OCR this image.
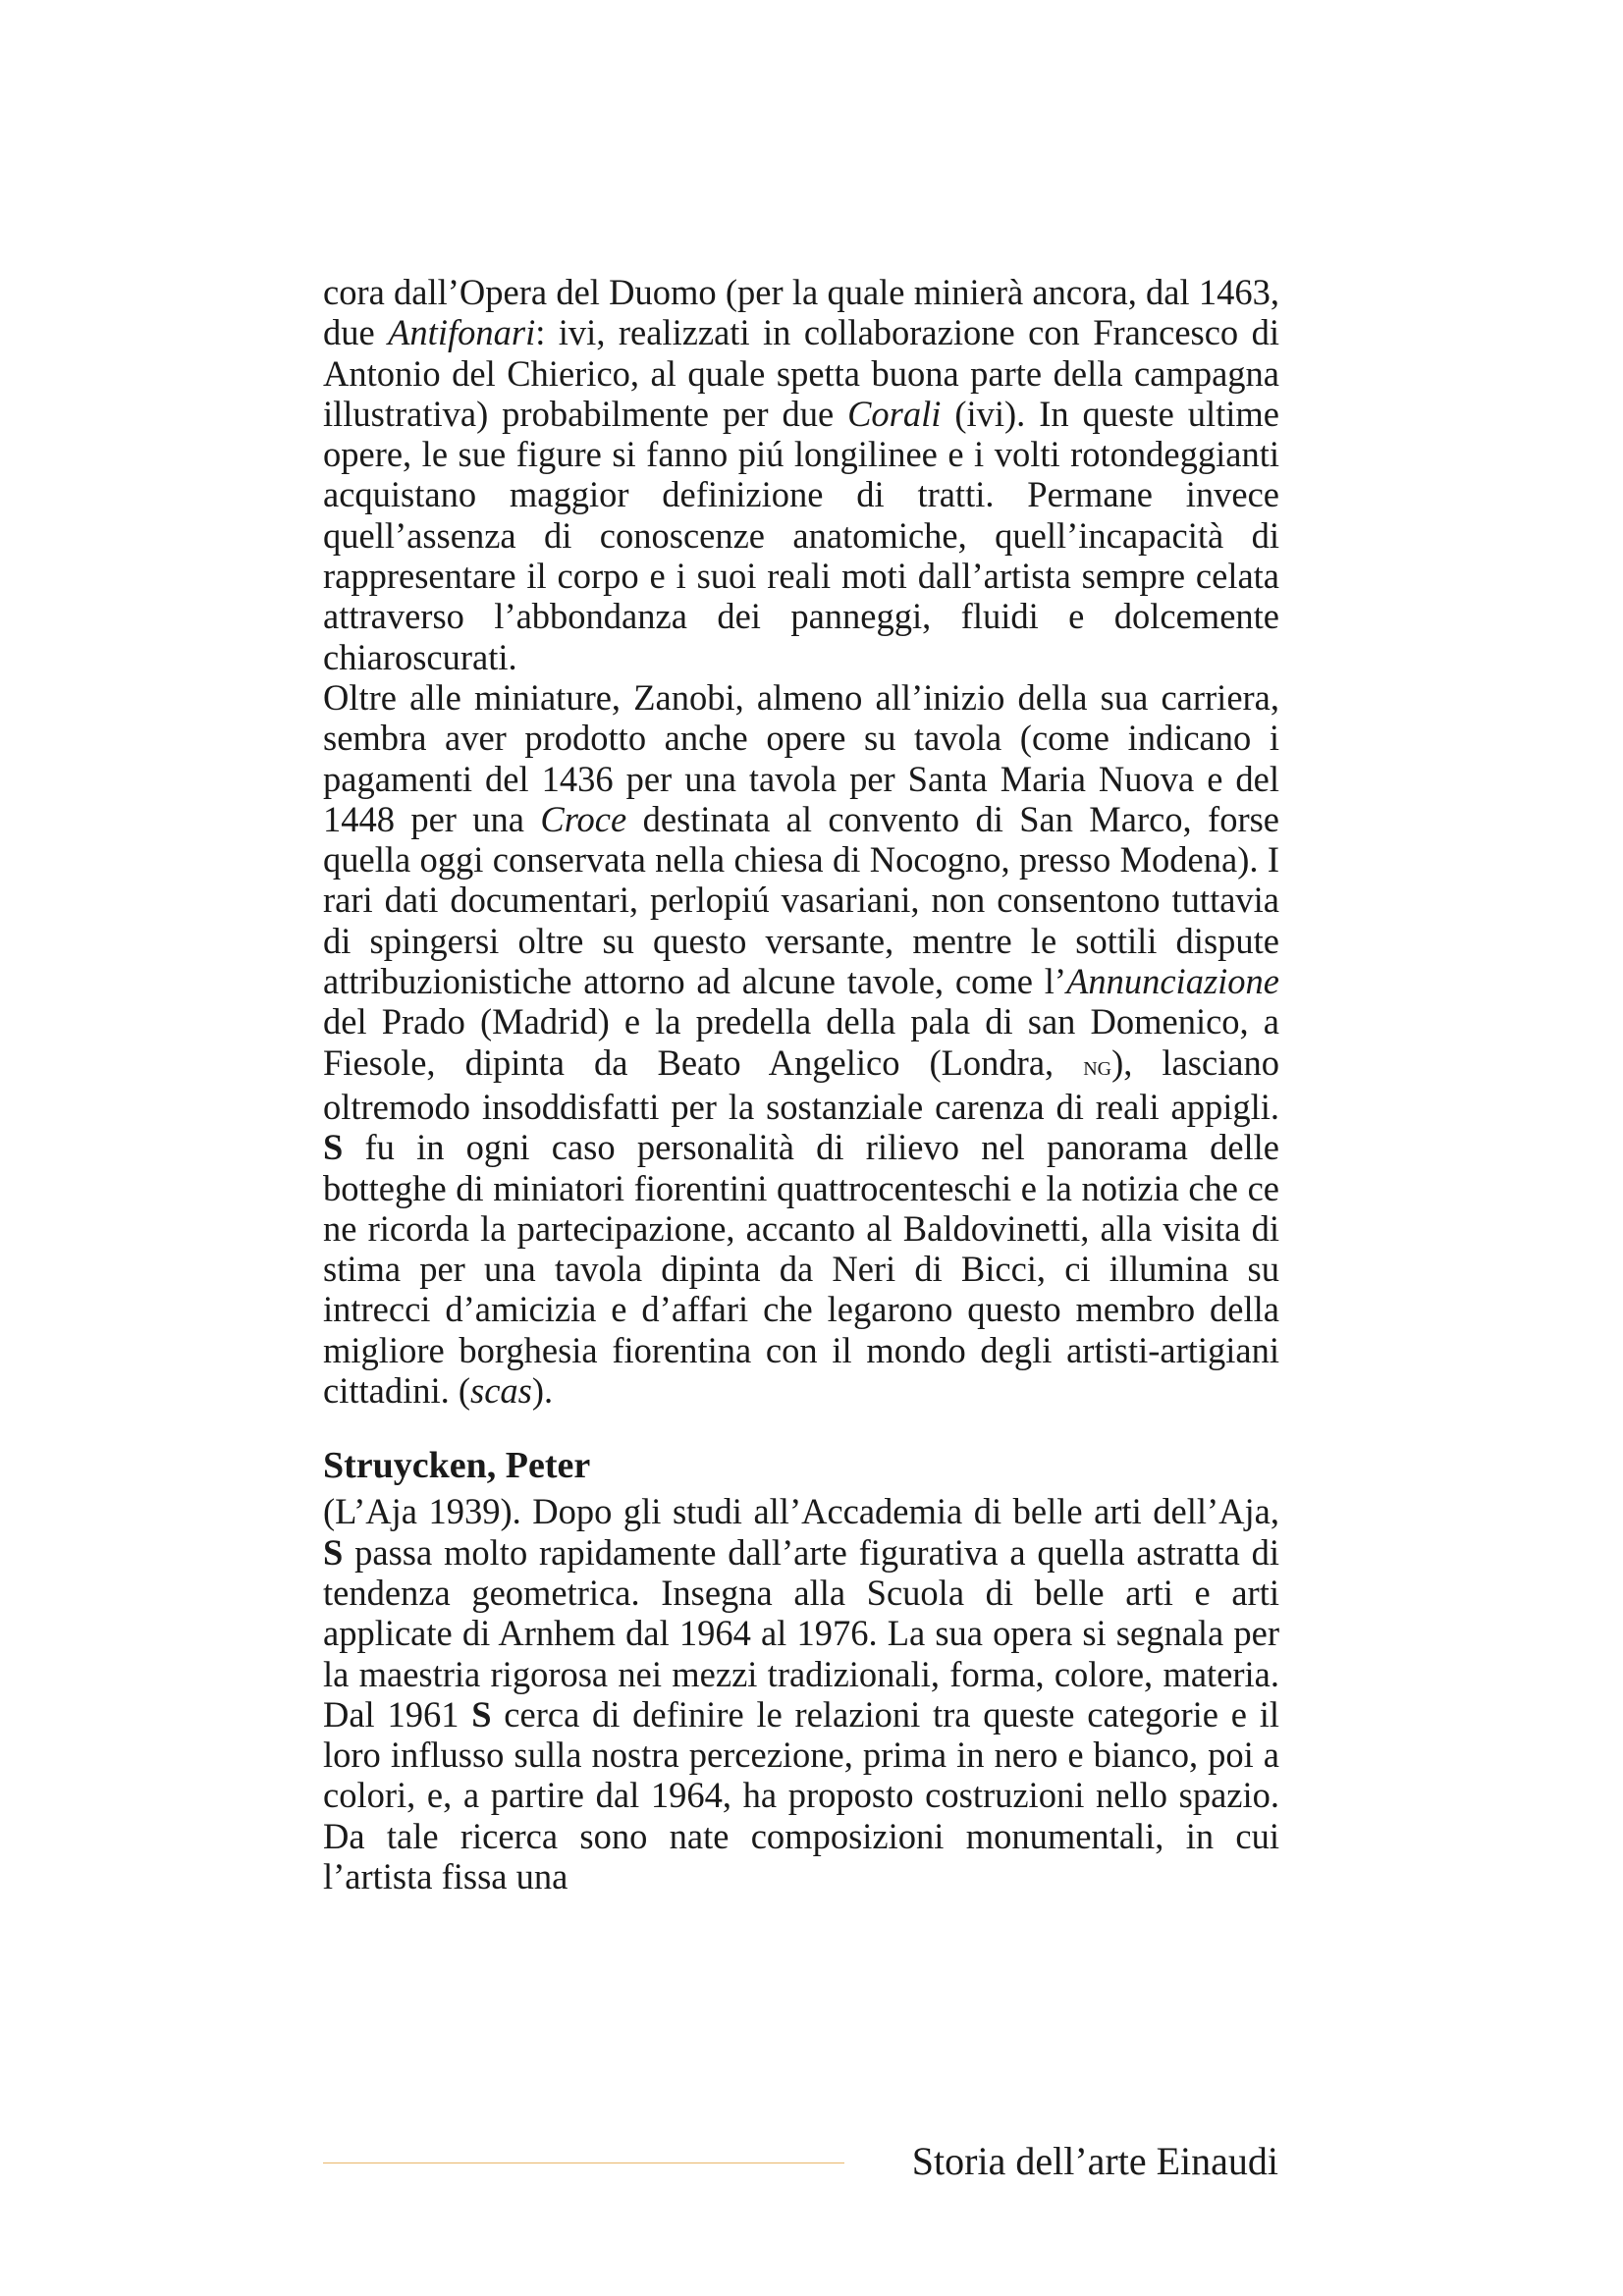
cora dall’Opera del Duomo (per la quale minierà ancora, dal 1463, due Antifonari: ivi, realizzati in collaborazione con Francesco di Antonio del Chierico, al quale spetta buona parte della campagna illustrativa) probabilmente per due Corali (ivi). In queste ultime opere, le sue figure si fanno piú longilinee e i volti rotondeggianti acquistano maggior definizione di tratti. Permane invece quell’assenza di conoscenze anatomiche, quell’incapacità di rappresentare il corpo e i suoi reali moti dall’artista sempre celata attraverso l’abbondanza dei panneggi, fluidi e dolcemente chiaroscurati.

Oltre alle miniature, Zanobi, almeno all’inizio della sua carriera, sembra aver prodotto anche opere su tavola (come indicano i pagamenti del 1436 per una tavola per Santa Maria Nuova e del 1448 per una Croce destinata al convento di San Marco, forse quella oggi conservata nella chiesa di Nocogno, presso Modena). I rari dati documentari, perlopiú vasariani, non consentono tuttavia di spingersi oltre su questo versante, mentre le sottili dispute attribuzionistiche attorno ad alcune tavole, come l’Annunciazione del Prado (Madrid) e la predella della pala di san Domenico, a Fiesole, dipinta da Beato Angelico (Londra, ng), lasciano oltremodo insoddisfatti per la sostanziale carenza di reali appigli. S fu in ogni caso personalità di rilievo nel panorama delle botteghe di miniatori fiorentini quattrocenteschi e la notizia che ce ne ricorda la partecipazione, accanto al Baldovinetti, alla visita di stima per una tavola dipinta da Neri di Bicci, ci illumina su intrecci d’amicizia e d’affari che legarono questo membro della migliore borghesia fiorentina con il mondo degli artisti-artigiani cittadini. (scas).

Struycken, Peter

(L’Aja 1939). Dopo gli studi all’Accademia di belle arti dell’Aja, S passa molto rapidamente dall’arte figurativa a quella astratta di tendenza geometrica. Insegna alla Scuola di belle arti e arti applicate di Arnhem dal 1964 al 1976. La sua opera si segnala per la maestria rigorosa nei mezzi tradizionali, forma, colore, materia. Dal 1961 S cerca di definire le relazioni tra queste categorie e il loro influsso sulla nostra percezione, prima in nero e bianco, poi a colori, e, a partire dal 1964, ha proposto costruzioni nello spazio. Da tale ricerca sono nate composizioni monumentali, in cui l’artista fissa una

Storia dell’arte Einaudi
